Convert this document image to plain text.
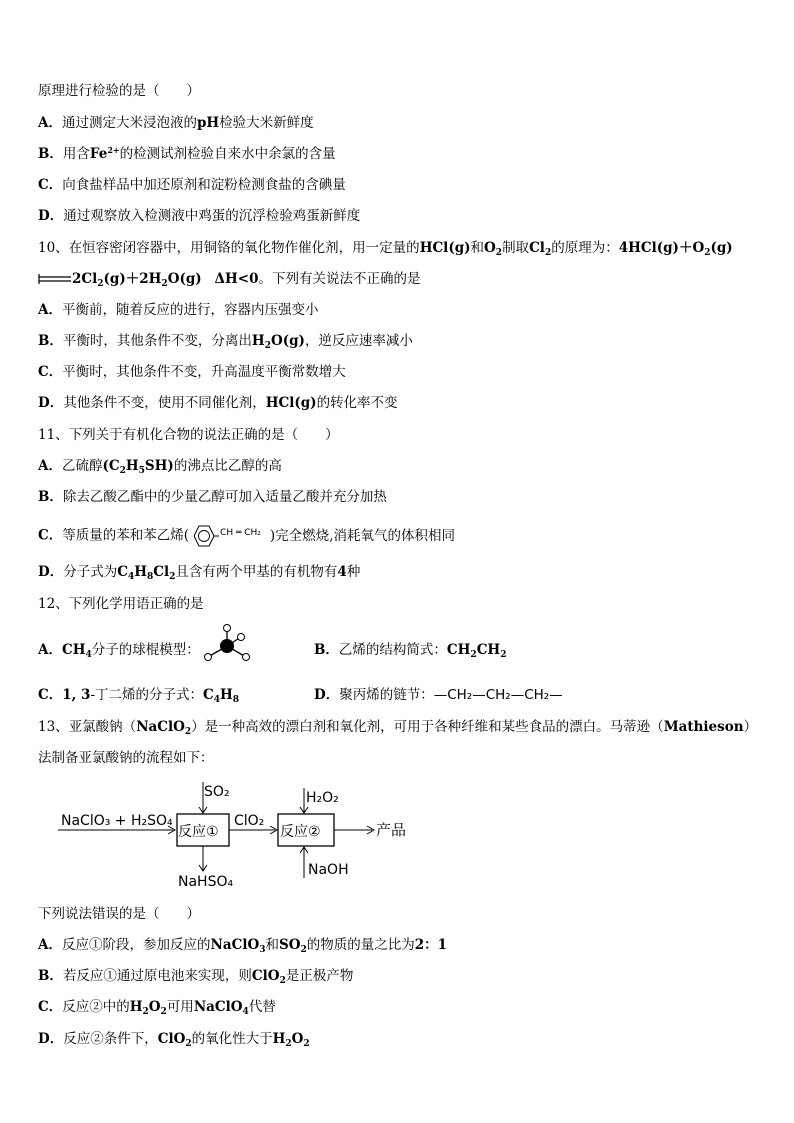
原理进行检验的是（　　）
A．通过测定大米浸泡液的pH检验大米新鲜度
B．用含$Fe^{2+}$的检测试剂检验自来水中余氯的含量
C．向食盐样品中加还原剂和淀粉检测食盐的含碘量
D．通过观察放入检测液中鸡蛋的沉浮检验鸡蛋新鲜度
10、在恒容密闭容器中，用铜铬的氧化物作催化剂，用一定量的HCl(g)和$O_2$制取$Cl_2$的原理为：$4HCl(g)+O_2(g)$
$2Cl_2(g)+2H_2O(g)$ ΔH<0。下列有关说法不正确的是
A．平衡前，随着反应的进行，容器内压强变小
B．平衡时，其他条件不变，分离出$H_2O(g)$，逆反应速率减小
C．平衡时，其他条件不变，升高温度平衡常数增大
D．其他条件不变，使用不同催化剂，HCl(g)的转化率不变
11、下列关于有机化合物的说法正确的是（　　）
A．乙硫醇$(C_2H_5SH)$的沸点比乙醇的高
B．除去乙酸乙酯中的少量乙醇可加入适量乙酸并充分加热
C．等质量的苯和苯乙烯(	$^{CH ═ CH_2}$ )完全燃烧,消耗氧气的体积相同
D．分子式为$C_4H_8Cl_2$且含有两个甲基的有机物有4种
12、下列化学用语正确的是
A．$CH_4$分子的球棍模型：	B．乙烯的结构简式：$CH_2CH_2$
C．1, 3-丁二烯的分子式：$C_4H_8$	D．聚丙烯的链节：—CH₂—CH₂—CH₂—
13、亚氯酸钠（NaClO$_2$）是一种高效的漂白剂和氧化剂，可用于各种纤维和某些食品的漂白。马蒂逊（Mathieson）
法制备亚氯酸钠的流程如下：
NaClO₃ + H₂SO₄
反应①
SO₂
NaHSO₄
ClO₂
反应②
H₂O₂
NaOH
产品
下列说法错误的是（　　）
A．反应①阶段，参加反应的NaClO$_3$和$SO_2$的物质的量之比为2：1
B．若反应①通过原电池来实现，则ClO$_2$是正极产物
C．反应②中的$H_2O_2$可用NaClO$_4$代替
D．反应②条件下，ClO$_2$的氧化性大于$H_2O_2$
